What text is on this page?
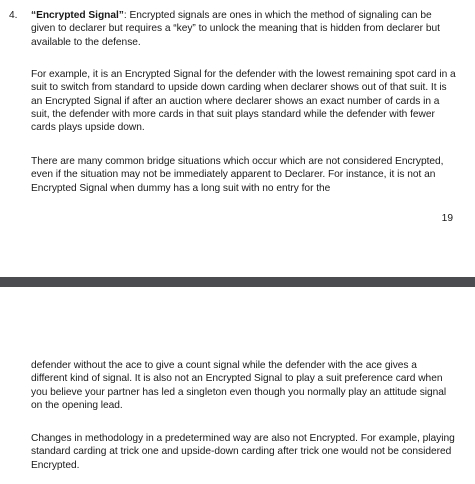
4. “Encrypted Signal”: Encrypted signals are ones in which the method of signaling can be given to declarer but requires a “key” to unlock the meaning that is hidden from declarer but available to the defense.

For example, it is an Encrypted Signal for the defender with the lowest remaining spot card in a suit to switch from standard to upside down carding when declarer shows out of that suit. It is an Encrypted Signal if after an auction where declarer shows an exact number of cards in a suit, the defender with more cards in that suit plays standard while the defender with fewer cards plays upside down.

There are many common bridge situations which occur which are not considered Encrypted, even if the situation may not be immediately apparent to Declarer. For instance, it is not an Encrypted Signal when dummy has a long suit with no entry for the

19

defender without the ace to give a count signal while the defender with the ace gives a different kind of signal. It is also not an Encrypted Signal to play a suit preference card when you believe your partner has led a singleton even though you normally play an attitude signal on the opening lead.

Changes in methodology in a predetermined way are also not Encrypted. For example, playing standard carding at trick one and upside-down carding after trick one would not be considered Encrypted.
